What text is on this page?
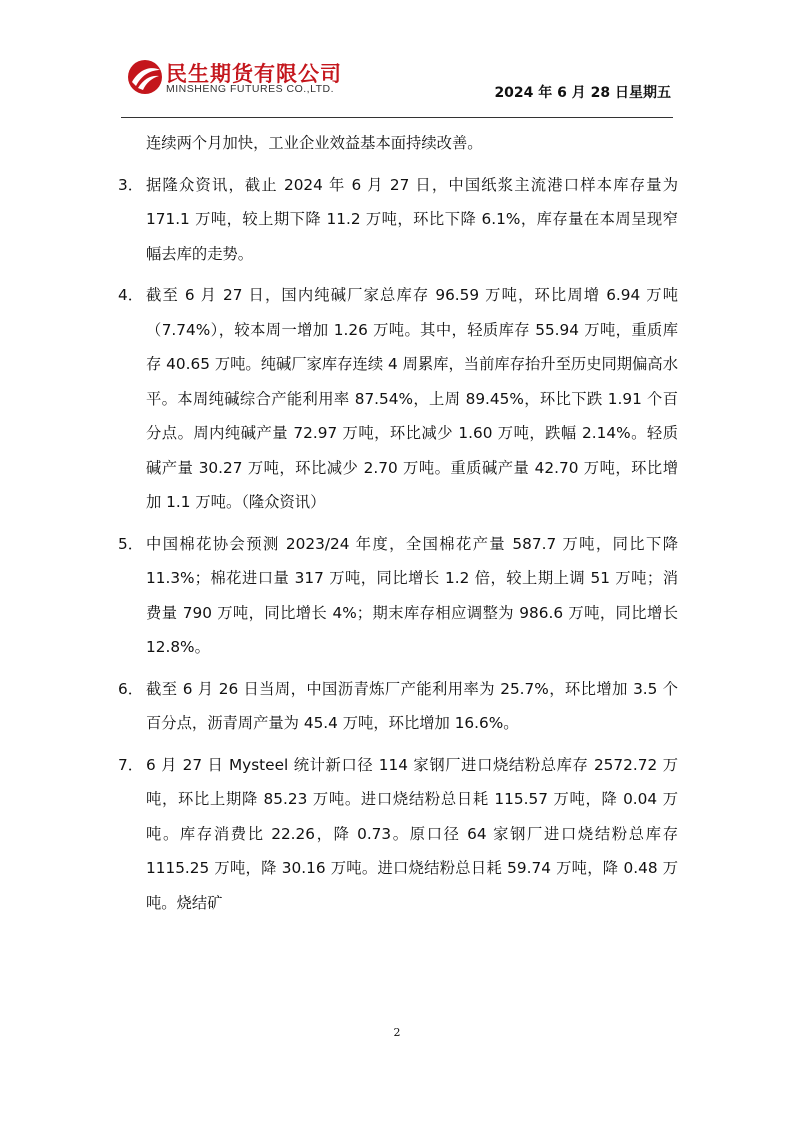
民生期货有限公司
MINSHENG FUTURES CO.,LTD.	2024 年 6 月 28 日星期五
连续两个月加快，工业企业效益基本面持续改善。
3． 据隆众资讯，截止 2024 年 6 月 27 日，中国纸浆主流港口样本库存量为 171.1 万吨，较上期下降 11.2 万吨，环比下降 6.1%，库存量在本周呈现窄幅去库的走势。
4． 截至 6 月 27 日，国内纯碱厂家总库存 96.59 万吨，环比周增 6.94 万吨（7.74%），较本周一增加 1.26 万吨。其中，轻质库存 55.94 万吨，重质库存 40.65 万吨。纯碱厂家库存连续 4 周累库，当前库存抬升至历史同期偏高水平。本周纯碱综合产能利用率 87.54%，上周 89.45%，环比下跌 1.91 个百分点。周内纯碱产量 72.97 万吨，环比减少 1.60 万吨，跌幅 2.14%。轻质碱产量 30.27 万吨，环比减少 2.70 万吨。重质碱产量 42.70 万吨，环比增加 1.1 万吨。（隆众资讯）
5． 中国棉花协会预测 2023/24 年度，全国棉花产量 587.7 万吨，同比下降 11.3%；棉花进口量 317 万吨，同比增长 1.2 倍，较上期上调 51 万吨；消费量 790 万吨，同比增长 4%；期末库存相应调整为 986.6 万吨，同比增长 12.8%。
6． 截至 6 月 26 日当周，中国沥青炼厂产能利用率为 25.7%，环比增加 3.5 个百分点，沥青周产量为 45.4 万吨，环比增加 16.6%。
7． 6 月 27 日 Mysteel 统计新口径 114 家钢厂进口烧结粉总库存 2572.72 万吨，环比上期降 85.23 万吨。进口烧结粉总日耗 115.57 万吨，降 0.04 万吨。库存消费比 22.26，降 0.73。原口径 64 家钢厂进口烧结粉总库存 1115.25 万吨，降 30.16 万吨。进口烧结粉总日耗 59.74 万吨，降 0.48 万吨。烧结矿
2
